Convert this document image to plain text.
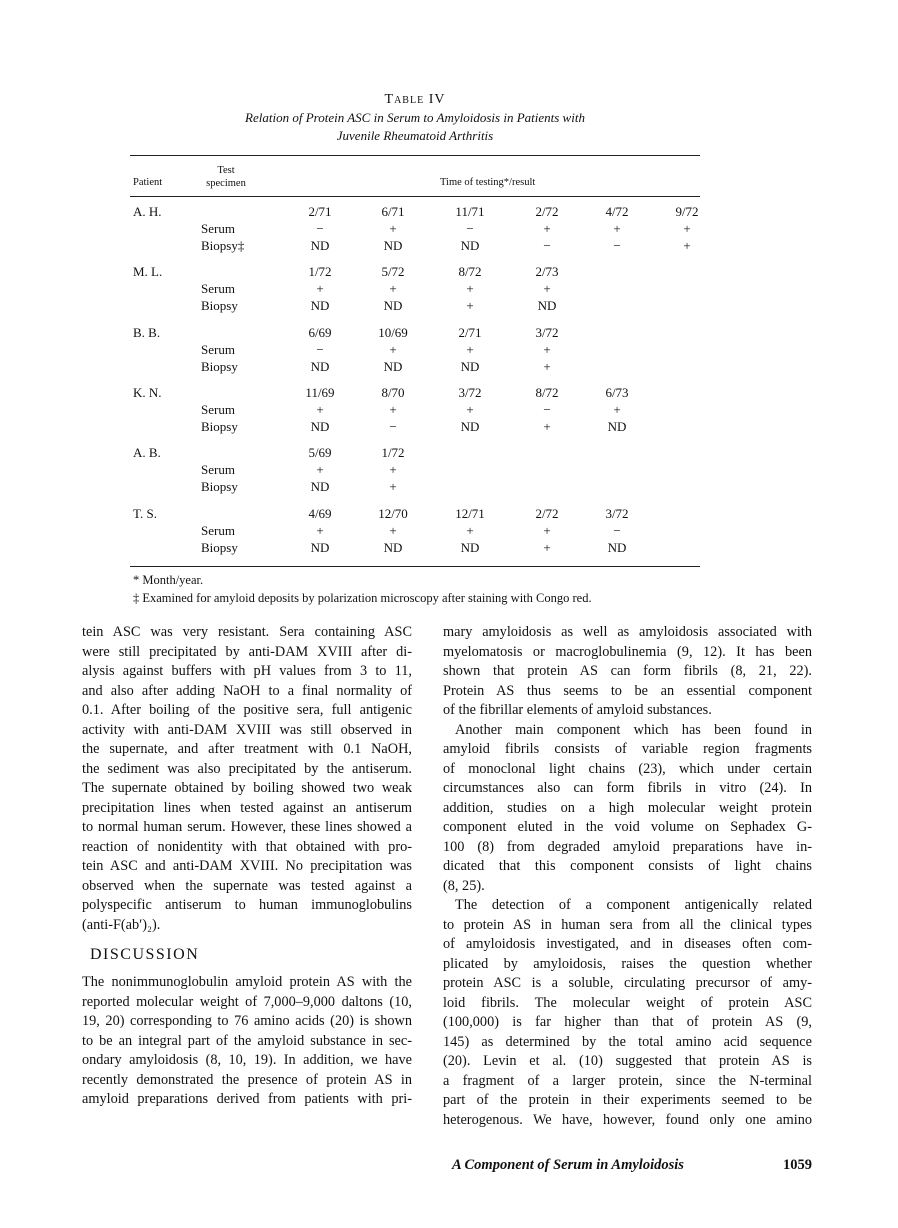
Table IV
Relation of Protein ASC in Serum to Amyloidosis in Patients with
Juvenile Rheumatoid Arthritis
Patient
Test
specimen	Time of testing*/result
A. H.
Serum
Biopsy‡
2/71
−
ND
6/71
+
ND
11/71
−
ND
2/72
+
−
4/72
+
−
9/72
+
+
M. L.
Serum
Biopsy
1/72
+
ND
5/72
+
ND
8/72
+
+
2/73
+
ND
B. B.
Serum
Biopsy
6/69
−
ND
10/69
+
ND
2/71
+
ND
3/72
+
+
K. N.
Serum
Biopsy
11/69
+
ND
8/70
+
−
3/72
+
ND
8/72
−
+
6/73
+
ND
A. B.
Serum
Biopsy
5/69
+
ND
1/72
+
+
T. S.
Serum
Biopsy
4/69
+
ND
12/70
+
ND
12/71
+
ND
2/72
+
+
3/72
−
ND
* Month/year.
‡ Examined for amyloid deposits by polarization microscopy after staining with Congo red.
tein ASC was very resistant. Sera containing ASC
were still precipitated by anti-DAM XVIII after di-
alysis against buffers with pH values from 3 to 11,
and also after adding NaOH to a final normality of
0.1. After boiling of the positive sera, full antigenic
activity with anti-DAM XVIII was still observed in
the supernate, and after treatment with 0.1 NaOH,
the sediment was also precipitated by the antiserum.
The supernate obtained by boiling showed two weak
precipitation lines when tested against an antiserum
to normal human serum. However, these lines showed a
reaction of nonidentity with that obtained with pro-
tein ASC and anti-DAM XVIII. No precipitation was
observed when the supernate was tested against a
polyspecific antiserum to human immunoglobulins
(anti-F(ab′)₂).
DISCUSSION
The nonimmunoglobulin amyloid protein AS with the
reported molecular weight of 7,000–9,000 daltons (10,
19, 20) corresponding to 76 amino acids (20) is shown
to be an integral part of the amyloid substance in sec-
ondary amyloidosis (8, 10, 19). In addition, we have
recently demonstrated the presence of protein AS in
amyloid preparations derived from patients with pri-
mary amyloidosis as well as amyloidosis associated with
myelomatosis or macroglobulinemia (9, 12). It has been
shown that protein AS can form fibrils (8, 21, 22).
Protein AS thus seems to be an essential component
of the fibrillar elements of amyloid substances.
Another main component which has been found in
amyloid fibrils consists of variable region fragments
of monoclonal light chains (23), which under certain
circumstances also can form fibrils in vitro (24). In
addition, studies on a high molecular weight protein
component eluted in the void volume on Sephadex G-
100 (8) from degraded amyloid preparations have in-
dicated that this component consists of light chains
(8, 25).
The detection of a component antigenically related
to protein AS in human sera from all the clinical types
of amyloidosis investigated, and in diseases often com-
plicated by amyloidosis, raises the question whether
protein ASC is a soluble, circulating precursor of amy-
loid fibrils. The molecular weight of protein ASC
(100,000) is far higher than that of protein AS (9,
145) as determined by the total amino acid sequence
(20). Levin et al. (10) suggested that protein AS is
a fragment of a larger protein, since the N-terminal
part of the protein in their experiments seemed to be
heterogenous. We have, however, found only one amino
A Component of Serum in Amyloidosis	1059
